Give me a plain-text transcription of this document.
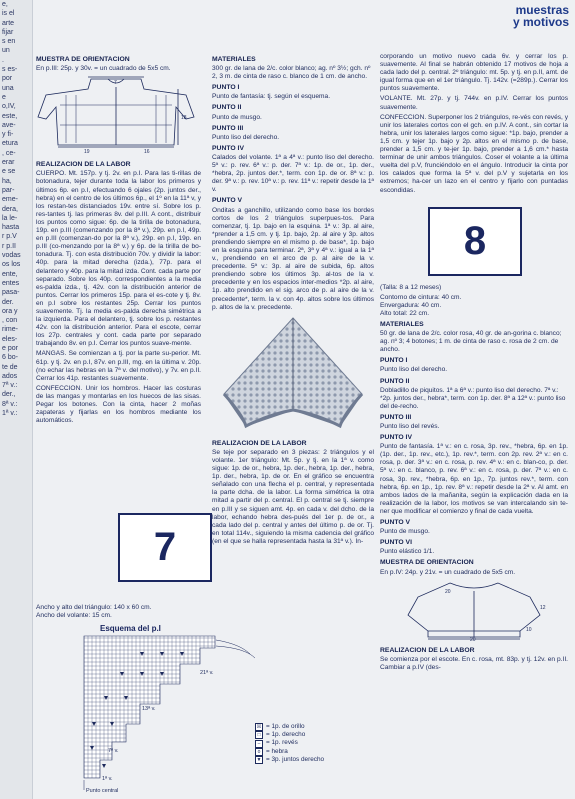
e,
is el
arte
fijar
s en
un
.
s es-
por
una
e
o,IV,
este,
ave-
y fi-
etura
, ce-
erar
e se
ha,
par-
eme-
dera,
la le-
hasta
r p.V
r p.II
vodas
os los
ente,
entes
pasa-
der.
ora y
, con
rime-
eles-
e por
6 bo-
te de
ados
7ª v.:
der.,
8ª v.:
1ª v.:
muestras
y motivos
MUESTRA DE ORIENTACION
En p.III: 25p. y 30v. = un cuadrado de 5x5 cm.
7
19	16
18
REALIZACION DE LA LABOR
CUERPO. Mt. 157p. y tj. 2v. en p.I. Para las ti-rillas de botonadura, tejer durante toda la labor los primeros y últimos 6p. en p.I, efectuando 6 ojales (2p. juntos der., hebra) en el centro de los últimos 6p., el 1º en la 11ª v, y los restan-tes distanciados 19v. entre sí. Sobre los p. res-tantes tj. las primeras 8v. del p.III. A cont., distribuir los puntos como sigue: 6p. de la tirilla de botonadura, 19p. en p.III (comenzando por la 8ª v.), 29p. en p.I, 49p. en p.III (comenzan-do por la 8ª v.), 29p. en p.I, 19p. en p.III (co-menzando por la 8ª v.) y 6p. de la tirilla de bo-tonadura. Tj. con esta distribución 70v. y dividir la labor: 40p. para la mitad derecha (izda.), 77p. para el delantero y 40p. para la mitad izda. Cont. cada parte por separado. Sobre los 40p. correspondientes a la media es-palda izda., tj. 42v. con la distribución anterior de puntos. Cerrar los primeros 15p. para el es-cote y tj. 8v. en p.I sobre los restantes 25p. Cerrar los puntos suavemente. Tj. la media es-palda derecha simétrica a la izquierda. Para el delantero, tj. sobre los p. restantes 42v. con la distribución anterior. Para el escote, cerrar los 27p. centrales y cont. cada parte por separado trabajando 8v. en p.I. Cerrar los puntos suave-mente.
MANGAS. Se comienzan a tj. por la parte su-perior. Mt. 61p. y tj. 2v. en p.I, 87v. en p.III, mg. en la última v. 20p. (no echar las hebras en la 7ª v. del motivo), y 7v. en p.II. Cerrar los 41p. restantes suavemente.
CONFECCION. Unir los hombros. Hacer las costuras de las mangas y montarlas en los huecos de las sisas. Pegar los botones. Con la cinta, hacer 2 moñas zapateras y fijarlas en los hombros mediante los automáticos.
7
Ancho y alto del triángulo: 140 x 60 cm.
Ancho del volante: 15 cm.
Esquema del p.I
21ª v.
13ª v.
7ª v.
1ª v.
Punto central
☒ = 1p. de orillo
□ = 1p. derecho
– = 1p. revés
o = hebra
▼ = 3p. juntos derecho
MATERIALES
300 gr. de lana de 2/c. color blanco; ag. nº 3½; gch. nº 2, 3 m. de cinta de raso c. blanco de 1 cm. de ancho.
PUNTO I
Punto de fantasía: tj. según el esquema.
PUNTO II
Punto de musgo.
PUNTO III
Punto liso del derecho.
PUNTO IV
Calados del volante. 1ª a 4ª v.: punto liso del derecho. 5ª v.: p. rev. 6ª v.: p. der. 7ª v.: 1p. de or., 1p. der., *hebra, 2p. juntos der.*, term. con 1p. de or. 8ª v.: p. der. 9ª v.: p. rev. 10ª v.: p. rev. 11ª v.: repetir desde la 1ª v.
PUNTO V
Onditas a ganchillo, utilizando como base los bordes cortos de los 2 triángulos superpues-tos. Para comenzar, tj. 1p. bajo en la esquina. 1ª v.: 3p. al aire, *prender a 1,5 cm. y tj. 1p. bajo, 2p. al aire y 3p. altos prendiendo siempre en el mismo p. de base*, 1p. bajo en la esquina para terminar. 2ª, 3ª y 4ª v.: igual a la 1ª v., prendiendo en el arco de p. al aire de la v. precedente. 5ª v.: 3p. al aire de subida, 6p. altos prendiendo sobre los últimos 3p. al-tos de la v. precedente y en los espacios inter-medios *2p. al aire, 1p. alto prendido en el sig. arco de p. al aire de la v. precedente*, term. la v. con 4p. altos sobre los últimos p. altos de la v. precedente.
REALIZACION DE LA LABOR
Se teje por separado en 3 piezas: 2 triángulos y el volante. 1er triángulo: Mt. 5p. y tj. en la 1ª v. como sigue: 1p. de or., hebra, 1p. der., hebra, 1p. der., hebra, 1p. der., hebra, 1p. de or. En el gráfico se encuentra señalado con una flecha el p. central, y representada la parte dcha. de la labor. La forma simétrica la otra mitad a partir del p. central. El p. central se tj. siempre en p.III y se siguen amt. 4p. en cada v. del dcho. de la labor, echando hebra des-pués del 1er p. de or., a cada lado del p. central y antes del último p. de or. Tj. en total 114v., siguiendo la misma cadencia del gráfico (en el que se halla representada hasta la 31ª v.). In-
corporando un motivo nuevo cada 6v. y cerrar los p. suavemente. Al final se habrán obtenido 17 motivos de hoja a cada lado del p. central. 2º triángulo: mt. 5p. y tj. en p.II, amt. de igual forma que en el 1er triángulo. Tj. 142v. (=289p.). Cerrar los puntos suavemente.
VOLANTE. Mt. 27p. y tj. 744v. en p.IV. Cerrar los puntos suavemente.
CONFECCION. Superponer los 2 triángulos, re-vés con revés, y unir los laterales cortos con el gch. en p.IV. A cont., sin cortar la hebra, unir los laterales largos como sigue: *1p. bajo, prender a 1,5 cm. y tejer 1p. bajo y 2p. altos en el mismo p. de base, prender a 1,5 cm. y te-jer 1p. bajo, prender a 1,6 cm.* hasta terminar de unir ambos triángulos. Coser el volante a la última vuelta del p.V, frunciéndolo en el ángulo. Introducir la cinta por los calados que forma la 5ª v. del p.V y sujetarla en los extremos; ha-cer un lazo en el centro y fijarlo con puntadas escondidas.
8
(Talla: 8 a 12 meses)
Contorno de cintura: 40 cm.
Envergadura: 40 cm.
Alto total: 22 cm.
MATERIALES
50 gr. de lana de 2/c. color rosa, 40 gr. de an-gorina c. blanco; ag. nº 3; 4 botones; 1 m. de cinta de raso c. rosa de 2 cm. de ancho.
PUNTO I
Punto liso del derecho.
PUNTO II
Dobladillo de piquitos. 1ª a 6ª v.: punto liso del derecho. 7ª v.: *2p. juntos der., hebra*, term. con 1p. der. 8ª a 12ª v.: punto liso del de-recho.
PUNTO III
Punto liso del revés.
PUNTO IV
Punto de fantasía. 1ª v.: en c. rosa, 3p. rev., *hebra, 6p. en 1p. (1p. der., 1p. rev., etc.), 1p. rev.*, term. con 2p. rev. 2ª v.: en c. rosa, p. der. 3ª v.: en c. rosa, p. rev. 4ª v.: en c. blan-co, p. der. 5ª v.: en c. blanco, p. rev. 6ª v.: en c. rosa, p. der. 7ª v.: en c. rosa, 3p. rev., *hebra, 6p. en 1p., 7p. juntos rev.*, term. con hebra, 6p. en 1p., 1p. rev. 8ª v.: repetir desde la 2ª v. Al amt. en ambos lados de la mañanita, según la explicación dada en la realización de la labor, los motivos se van intercalando sin te-ner que modificar el comienzo y final de cada vuelta.
PUNTO V
Punto de musgo.
PUNTO VI
Punto elástico 1/1.
MUESTRA DE ORIENTACION
En p.IV: 24p. y 21v. = un cuadrado de 5x5 cm.
20
12
10
20
REALIZACION DE LA LABOR
Se comienza por el escote. En c. rosa, mt. 83p. y tj. 12v. en p.II. Cambiar a p.IV (des-
